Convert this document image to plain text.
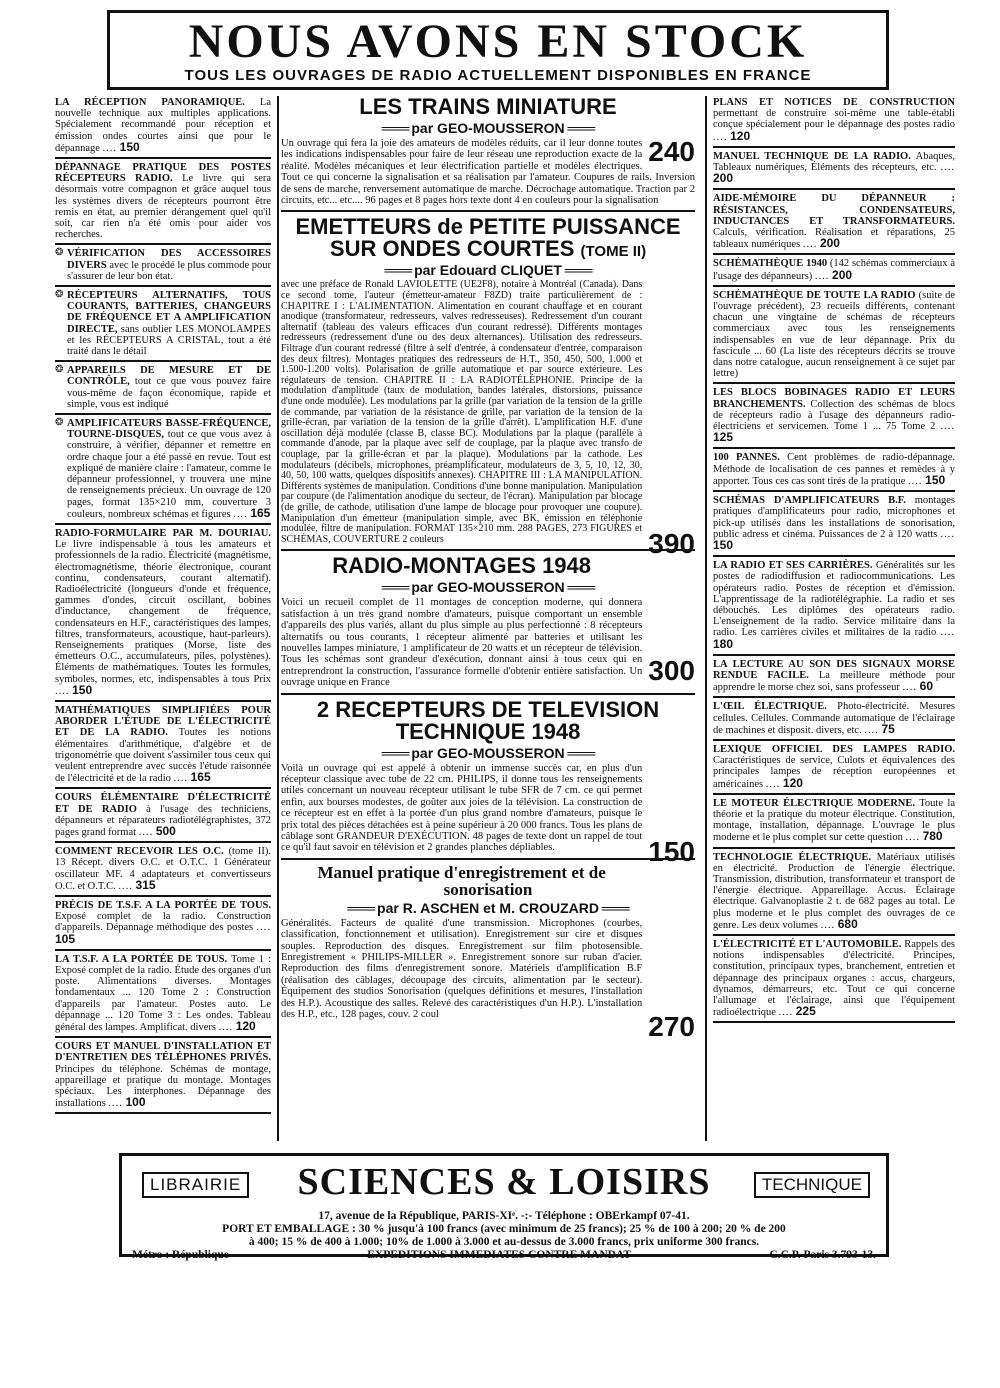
NOUS AVONS EN STOCK
TOUS LES OUVRAGES DE RADIO ACTUELLEMENT DISPONIBLES EN FRANCE
LA RÉCEPTION PANORAMIQUE. La nouvelle technique aux multiples applications. Spécialement recommandé pour réception et émission ondes courtes ainsi que pour le dépannage .... 150
DÉPANNAGE PRATIQUE DES POSTES RÉCEPTEURS RADIO. Le livre qui sera désormais votre compagnon et grâce auquel tous les systèmes divers de récepteurs pourront être remis en état, au premier dérangement quel qu'il soit, car rien n'a été omis pour aider vos recherches.
❂ VÉRIFICATION DES ACCESSOIRES DIVERS avec le procédé le plus commode pour s'assurer de leur bon état.
❂ RÉCEPTEURS ALTERNATIFS, TOUS COURANTS, BATTERIES, CHANGEURS DE FRÉQUENCE ET A AMPLIFICATION DIRECTE, sans oublier LES MONOLAMPES et les RÉCEPTEURS A CRISTAL, tout a été traité dans le détail
❂ APPAREILS DE MESURE ET DE CONTRÔLE, tout ce que vous pouvez faire vous-même de façon économique, rapide et simple, vous est indiqué
❂ AMPLIFICATEURS BASSE-FRÉQUENCE, TOURNE-DISQUES, tout ce que vous avez à construire, à vérifier, dépanner et remettre en ordre chaque jour a été passé en revue. Tout est expliqué de manière claire : l'amateur, comme le dépanneur professionnel, y trouvera une mine de renseignements précieux. Un ouvrage de 120 pages, format 135×210 mm, couverture 3 couleurs, nombreux schémas et figures .... 165
RADIO-FORMULAIRE PAR M. DOURIAU. Le livre indispensable à tous les amateurs et professionnels de la radio. Électricité (magnétisme, électromagnétisme, théorie électronique, courant continu, condensateurs, courant alternatif). Radioélectricité (longueurs d'onde et fréquence, gammes d'ondes, circuit oscillant, bobines d'inductance, changement de fréquence, condensateurs en H.F., caractéristiques des lampes, filtres, transformateurs, acoustique, haut-parleurs). Renseignements pratiques (Morse, liste des émetteurs O.C., accumulateurs, piles, polystènes). Éléments de mathématiques. Toutes les formules, symboles, normes, etc, indispensables à tous Prix .... 150
MATHÉMATIQUES SIMPLIFIÉES POUR ABORDER L'ÉTUDE DE L'ÉLECTRICITÉ ET DE LA RADIO. Toutes les notions élémentaires d'arithmétique, d'algèbre et de trigonométrie que doivent s'assimiler tous ceux qui veulent entreprendre avec succès l'étude raisonnée de l'électricité et de la radio .... 165
COURS ÉLÉMENTAIRE D'ÉLECTRICITÉ ET DE RADIO à l'usage des techniciens, dépanneurs et réparateurs radiotélégraphistes, 372 pages grand format .... 500
COMMENT RECEVOIR LES O.C. (tome II). 13 Récept. divers O.C. et O.T.C. 1 Générateur oscillateur MF. 4 adaptateurs et convertisseurs O.C. et O.T.C. .... 315
PRÉCIS DE T.S.F. A LA PORTÉE DE TOUS. Exposé complet de la radio. Construction d'appareils. Dépannage méthodique des postes .... 105
LA T.S.F. A LA PORTÉE DE TOUS. Tome 1 : Exposé complet de la radio. Étude des organes d'un poste. Alimentations diverses. Montages fondamentaux ... 120 Tome 2 : Construction d'appareils par l'amateur. Postes auto. Le dépannage ... 120 Tome 3 : Les ondes. Tableau général des lampes. Amplificat. divers .... 120
COURS ET MANUEL D'INSTALLATION ET D'ENTRETIEN DES TÉLÉPHONES PRIVÉS. Principes du téléphone. Schémas de montage, appareillage et pratique du montage. Montages spéciaux. Les interphones. Dépannage des installations .... 100
LES TRAINS MINIATURE
═══ par GEO-MOUSSERON ═══
240
Un ouvrage qui fera la joie des amateurs de modèles réduits, car il leur donne toutes les indications indispensables pour faire de leur réseau une reproduction exacte de la réalité. Modèles mécaniques et leur électrification partielle et modèles électriques. Tout ce qui concerne la signalisation et sa réalisation par l'amateur. Coupures de rails. Inversion de sens de marche, renversement automatique de marche. Décrochage automatique. Traction par 2 circuits, etc... etc.... 96 pages et 8 pages hors texte dont 4 en couleurs pour la signalisation
EMETTEURS de PETITE PUISSANCE SUR ONDES COURTES (TOME II)
═══ par Edouard CLIQUET ═══
390
avec une préface de Ronald LAVIOLETTE (UE2F8), notaire à Montréal (Canada). Dans ce second tome, l'auteur (émetteur-amateur F8ZD) traite particulièrement de : CHAPITRE I : L'ALIMENTATION. Alimentation en courant chauffage et en courant anodique (transformateur, redresseurs, valves redresseuses). Redressement d'un courant alternatif (tableau des valeurs efficaces d'un courant redressé). Différents montages redresseurs (redressement d'une ou des deux alternances). Utilisation des redresseurs. Filtrage d'un courant redressé (filtre à self d'entrée, à condensateur d'entrée, comparaison des deux filtres). Montages pratiques des redresseurs de H.T., 350, 450, 500, 1.000 et 1.500-1.200 volts). Polarisation de grille automatique et par source extérieure. Les régulateurs de tension. CHAPITRE II : LA RADIOTÉLÉPHONIE. Principe de la modulation d'amplitude (taux de modulation, bandes latérales, distorsions, puissance d'une onde modulée). Les modulations par la grille (par variation de la tension de la grille de commande, par variation de la résistance de grille, par variation de la tension de la grille-écran, par variation de la tension de la grille d'arrêt). L'amplification H.F. d'une oscillation déjà modulée (classe B, classe BC). Modulations par la plaque (parallèle à commande d'anode, par la plaque avec self de couplage, par la plaque avec transfo de couplage, par la grille-écran et par la plaque). Modulations par la cathode. Les modulateurs (décibels, microphones, préamplificateur, modulateurs de 3, 5, 10, 12, 30, 40, 50, 100 watts, quelques dispositifs annexes). CHAPITRE III : LA MANIPULATION. Différents systèmes de manipulation. Conditions d'une bonne manipulation. Manipulation par coupure (de l'alimentation anodique du secteur, de l'écran). Manipulation par blocage (de grille, de cathode, utilisation d'une lampe de blocage pour provoquer une coupure). Manipulation d'un émetteur (manipulation simple, avec BK, émission en téléphonie modulée, filtre de manipulation. FORMAT 135×210 mm. 288 PAGES, 273 FIGURES et SCHÉMAS, COUVERTURE 2 couleurs
RADIO-MONTAGES 1948
═══ par GEO-MOUSSERON ═══
300
Voici un recueil complet de 11 montages de conception moderne, qui donnera satisfaction à un très grand nombre d'amateurs, puisque comportant un ensemble d'appareils des plus variés, allant du plus simple au plus perfectionné : 8 récepteurs alternatifs ou tous courants, 1 récepteur alimenté par batteries et utilisant les nouvelles lampes miniature, 1 amplificateur de 20 watts et un récepteur de télévision. Tous les schémas sont grandeur d'exécution, donnant ainsi à tous ceux qui en entreprendront la construction, l'assurance formelle d'obtenir entière satisfaction. Un ouvrage unique en France
2 RECEPTEURS DE TELEVISION TECHNIQUE 1948
═══ par GEO-MOUSSERON ═══
150
Voilà un ouvrage qui est appelé à obtenir un immense succès car, en plus d'un récepteur classique avec tube de 22 cm. PHILIPS, il donne tous les renseignements utiles concernant un nouveau récepteur utilisant le tube SFR de 7 cm. ce qui permet enfin, aux bourses modestes, de goûter aux joies de la télévision. La construction de ce récepteur est en effet à la portée d'un plus grand nombre d'amateurs, puisque le prix total des pièces détachées est à peine supérieur à 20 000 francs. Tous les plans de câblage sont GRANDEUR D'EXÉCUTION. 48 pages de texte dont un rappel de tout ce qu'il faut savoir en télévision et 2 grandes planches dépliables.
Manuel pratique d'enregistrement et de sonorisation
═══ par R. ASCHEN et M. CROUZARD ═══
270
Généralités. Facteurs de qualité d'une transmission. Microphones (courbes, classification, fonctionnement et utilisation). Enregistrement sur cire et disques souples. Reproduction des disques. Enregistrement sur film photosensible. Enregistrement « PHILIPS-MILLER ». Enregistrement sonore sur ruban d'acier. Reproduction des films d'enregistrement sonore. Matériels d'amplification B.F (réalisation des câblages, découpage des circuits, alimentation par le secteur). Équipement des studios Sonorisation (quelques définitions et mesures, l'installation des H.P.). Acoustique des salles. Relevé des caractéristiques d'un H.P.). L'installation des H.P., etc., 128 pages, couv. 2 coul
PLANS ET NOTICES DE CONSTRUCTION permettant de construire soi-même une table-établi conçue spécialement pour le dépannage des postes radio .... 120
MANUEL TECHNIQUE DE LA RADIO. Abaques, Tableaux numériques, Éléments des récepteurs, etc. .... 200
AIDE-MÉMOIRE DU DÉPANNEUR : RÉSISTANCES, CONDENSATEURS, INDUCTANCES ET TRANSFORMATEURS. Calculs, vérification. Réalisation et réparations, 25 tableaux numériques .... 200
SCHÉMATHÈQUE 1940 (142 schémas commerciaux à l'usage des dépanneurs) .... 200
SCHÉMATHÈQUE DE TOUTE LA RADIO (suite de l'ouvrage précédent), 23 recueils différents, contenant chacun une vingtaine de schémas de récepteurs commerciaux avec tous les renseignements indispensables en vue de leur dépannage. Prix du fascicule ... 60 (La liste des récepteurs décrits se trouve dans notre catalogue, aucun renseignement à ce sujet par lettre)
LES BLOCS BOBINAGES RADIO ET LEURS BRANCHEMENTS. Collection des schémas de blocs de récepteurs radio à l'usage des dépanneurs radio-électriciens et servicemen. Tome 1 ... 75 Tome 2 .... 125
100 PANNES. Cent problèmes de radio-dépannage. Méthode de localisation de ces pannes et remèdes à y apporter. Tous ces cas sont tirés de la pratique .... 150
SCHÉMAS D'AMPLIFICATEURS B.F. montages pratiques d'amplificateurs pour radio, microphones et pick-up utilisés dans les installations de sonorisation, public adress et cinéma. Puissances de 2 à 120 watts .... 150
LA RADIO ET SES CARRIÈRES. Généralités sur les postes de radiodiffusion et radiocommunications. Les opérateurs radio. Postes de réception et d'émission. L'apprentissage de la radiotélégraphie. La radio et ses débouchés. Les diplômes des opérateurs radio. L'enseignement de la radio. Service militaire dans la radio. Les carrières civiles et militaires de la radio .... 180
LA LECTURE AU SON DES SIGNAUX MORSE RENDUE FACILE. La meilleure méthode pour apprendre le morse chez soi, sans professeur .... 60
L'ŒIL ÉLECTRIQUE. Photo-électricité. Mesures cellules. Cellules. Commande automatique de l'éclairage de machines et disposit. divers, etc. .... 75
LEXIQUE OFFICIEL DES LAMPES RADIO. Caractéristiques de service, Culots et équivalences des principales lampes de réception européennes et américaines .... 120
LE MOTEUR ÉLECTRIQUE MODERNE. Toute la théorie et la pratique du moteur électrique. Constitution, montage, installation, dépannage. L'ouvrage le plus moderne et le plus complet sur cette question .... 780
TECHNOLOGIE ÉLECTRIQUE. Matériaux utilisés en électricité. Production de l'énergie électrique. Transmission, distribution, transformateur et transport de l'énergie électrique. Appareillage. Accus. Éclairage électrique. Galvanoplastie 2 t. de 682 pages au total. Le plus moderne et le plus complet des ouvrages de ce genre. Les deux volumes .... 680
L'ÉLECTRICITÉ ET L'AUTOMOBILE. Rappels des notions indispensables d'électricité. Principes, constitution, principaux types, branchement, entretien et dépannage des principaux organes : accus, chargeurs, dynamos, démarreurs, etc. Tout ce qui concerne l'allumage et l'éclairage, ainsi que l'équipement radioélectrique .... 225
LIBRAIRIE	SCIENCES & LOISIRS	TECHNIQUE
17, avenue de la République, PARIS-XIᵉ. -:- Téléphone : OBErkampf 07-41.
PORT ET EMBALLAGE : 30 % jusqu'à 100 francs (avec minimum de 25 francs); 25 % de 100 à 200; 20 % de 200
à 400; 15 % de 400 à 1.000; 10% de 1.000 à 3.000 et au-dessus de 3.000 francs, prix uniforme 300 francs.
Métro : République	EXPEDITIONS IMMEDIATES CONTRE MANDAT	C.C.P. Paris 3.793-13.
